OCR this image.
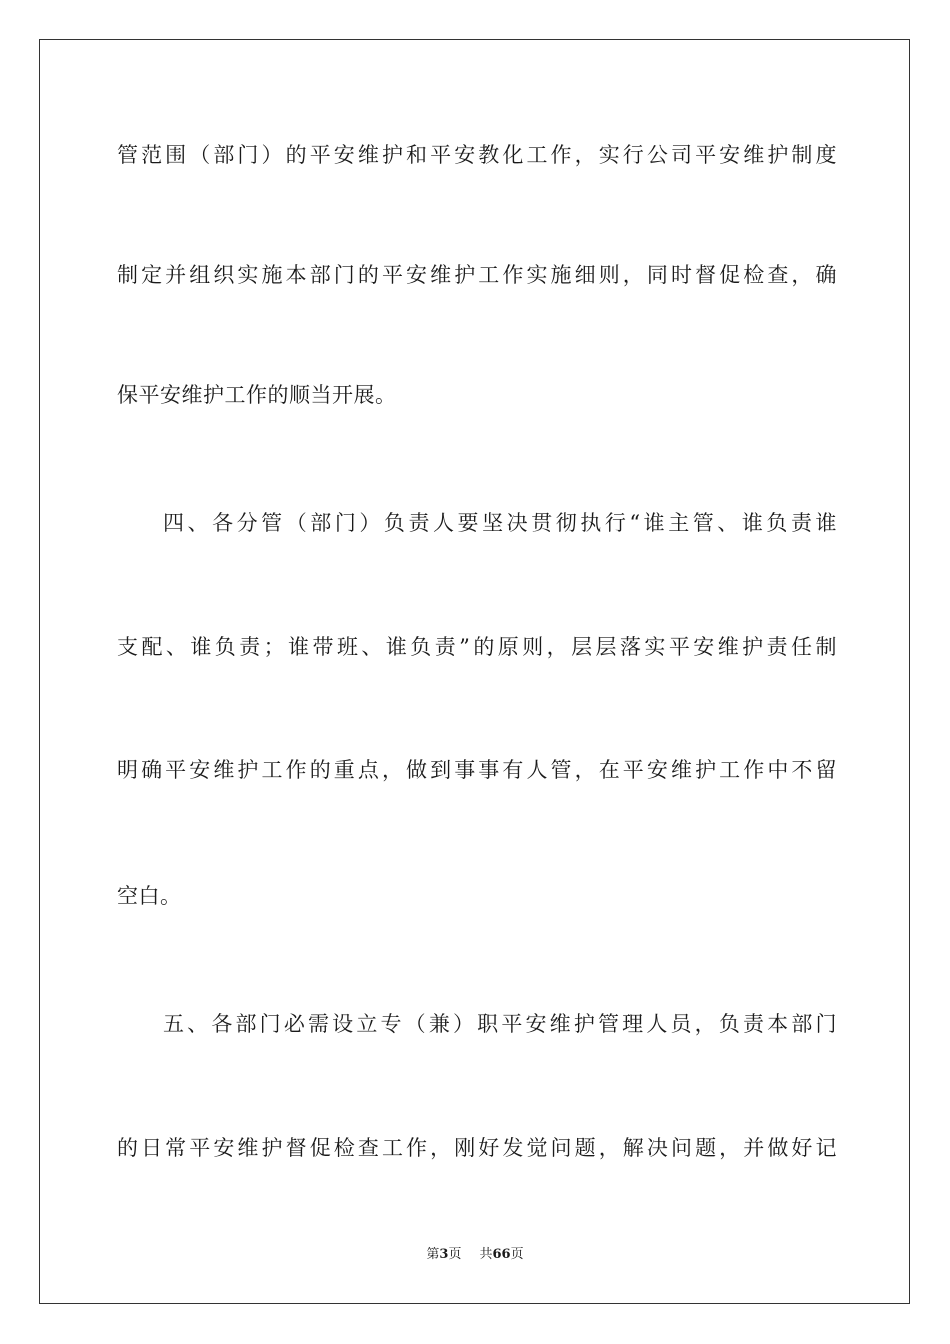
管范围（部门）的平安维护和平安教化工作，实行公司平安维护制度
制定并组织实施本部门的平安维护工作实施细则，同时督促检查，确
保平安维护工作的顺当开展。
四、各分管（部门）负责人要坚决贯彻执行“谁主管、谁负责谁
支配、谁负责；谁带班、谁负责”的原则，层层落实平安维护责任制
明确平安维护工作的重点，做到事事有人管，在平安维护工作中不留
空白。
五、各部门必需设立专（兼）职平安维护管理人员，负责本部门
的日常平安维护督促检查工作，刚好发觉问题，解决问题，并做好记
第3页 共66页
